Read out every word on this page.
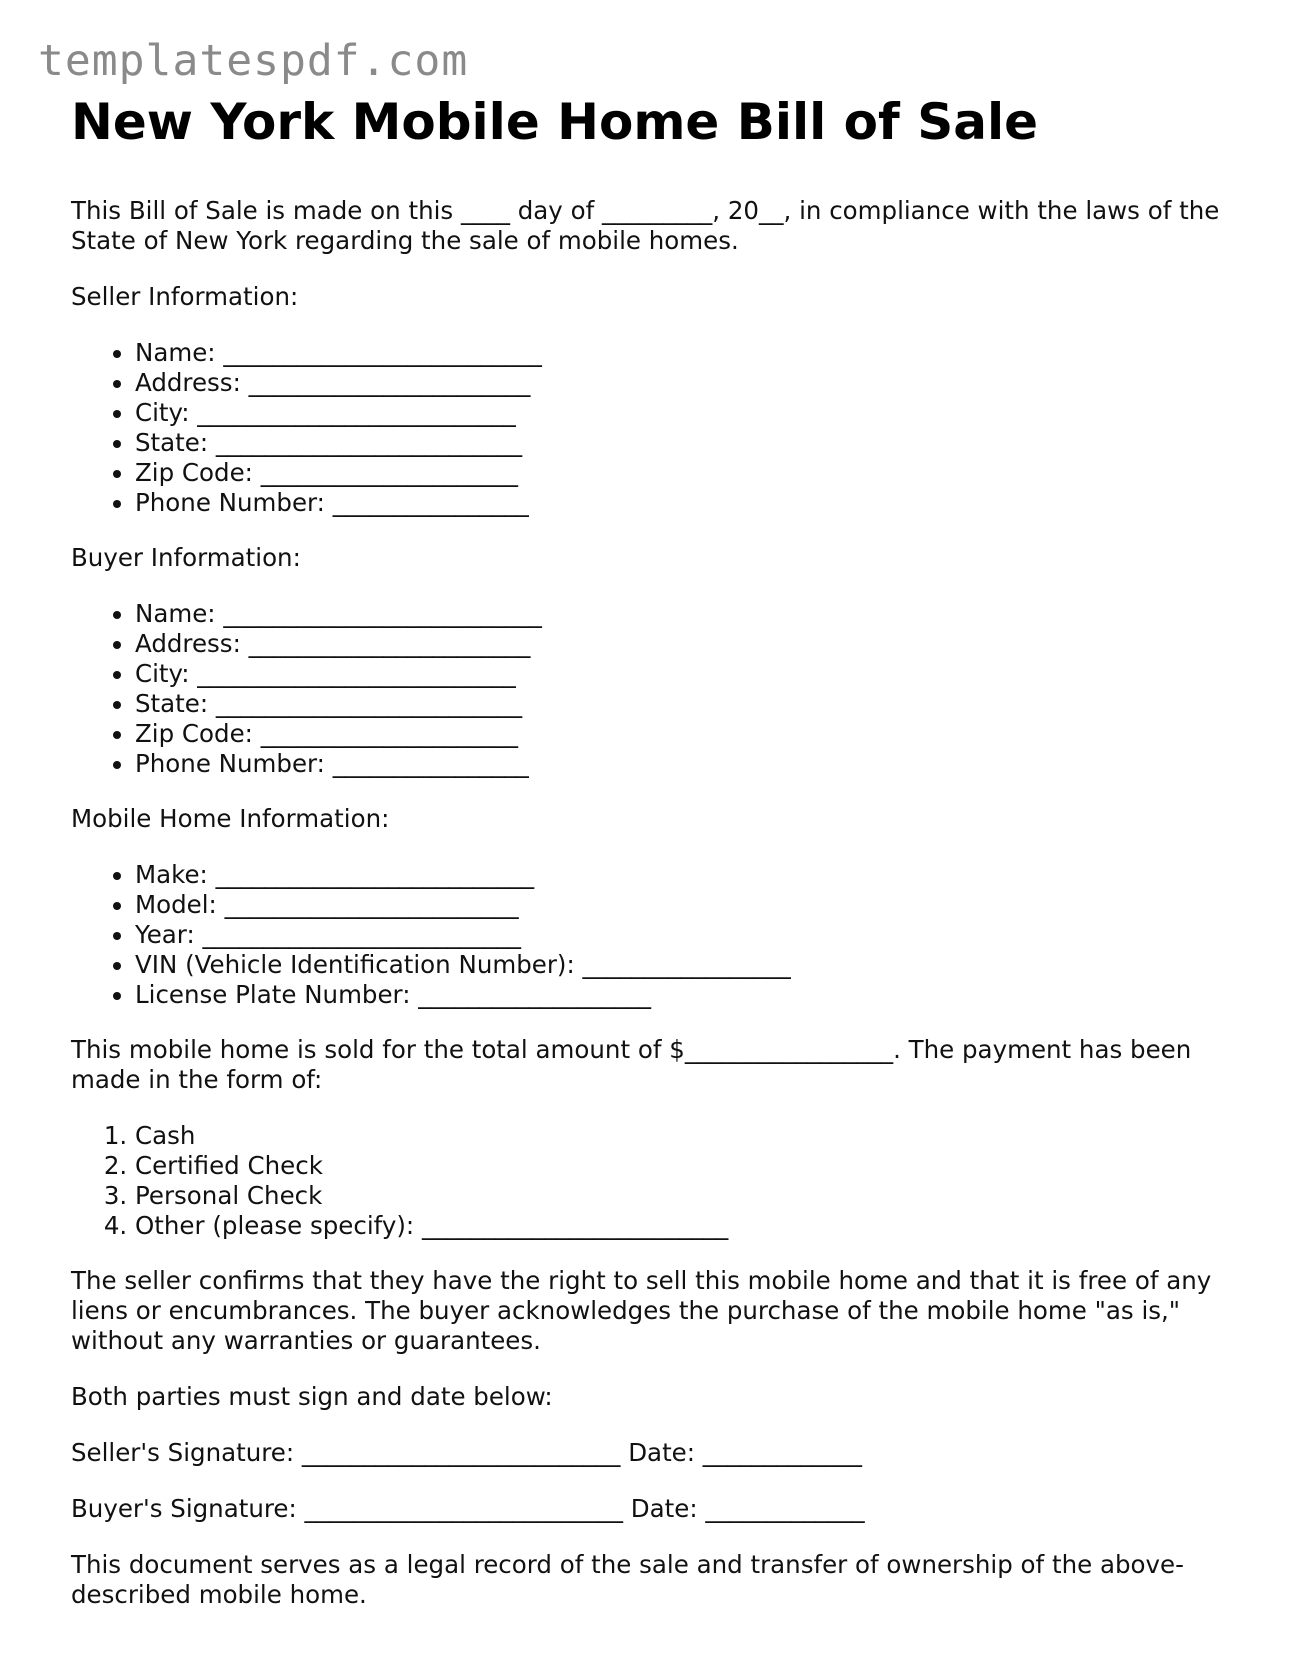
templatespdf.com
New York Mobile Home Bill of Sale

This Bill of Sale is made on this ____ day of _________, 20__, in compliance with the laws of the State of New York regarding the sale of mobile homes.

Seller Information:

• Name: __________________________
• Address: _______________________
• City: __________________________
• State: _________________________
• Zip Code: _____________________
• Phone Number: ________________

Buyer Information:

• Name: __________________________
• Address: _______________________
• City: __________________________
• State: _________________________
• Zip Code: _____________________
• Phone Number: ________________

Mobile Home Information:

• Make: __________________________
• Model: ________________________
• Year: __________________________
• VIN (Vehicle Identification Number): _________________
• License Plate Number: ___________________

This mobile home is sold for the total amount of $_________________. The payment has been made in the form of:

1. Cash
2. Certified Check
3. Personal Check
4. Other (please specify): _________________________

The seller confirms that they have the right to sell this mobile home and that it is free of any liens or encumbrances. The buyer acknowledges the purchase of the mobile home "as is," without any warranties or guarantees.

Both parties must sign and date below:

Seller's Signature: __________________________ Date: _____________

Buyer's Signature: __________________________ Date: _____________

This document serves as a legal record of the sale and transfer of ownership of the above-described mobile home.
